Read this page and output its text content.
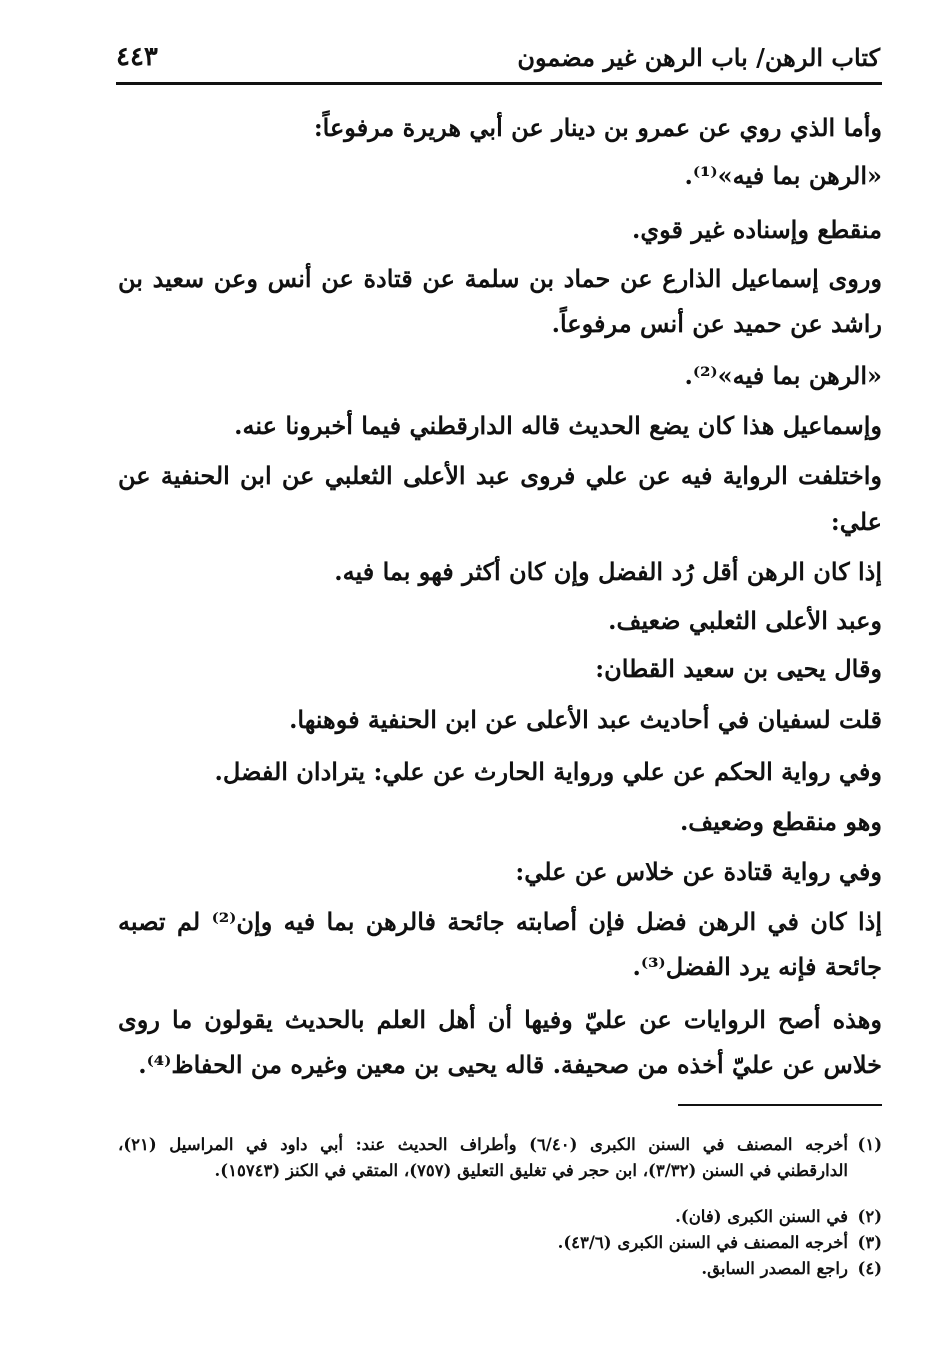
كتاب الرهن/ باب الرهن غير مضمون
٤٤٣
وأما الذي روي عن عمرو بن دينار عن أبي هريرة مرفوعاً:
«الرهن بما فيه»⁽¹⁾.
منقطع وإسناده غير قوي.
وروى إسماعيل الذارع عن حماد بن سلمة عن قتادة عن أنس وعن سعيد بن
راشد عن حميد عن أنس مرفوعاً.
«الرهن بما فيه»⁽²⁾.
وإسماعيل هذا كان يضع الحديث قاله الدارقطني فيما أخبرونا عنه.
واختلفت الرواية فيه عن علي فروى عبد الأعلى الثعلبي عن ابن الحنفية عن
علي:
إذا كان الرهن أقل رُد الفضل وإن كان أكثر فهو بما فيه.
وعبد الأعلى الثعلبي ضعيف.
وقال يحيى بن سعيد القطان:
قلت لسفيان في أحاديث عبد الأعلى عن ابن الحنفية فوهنها.
وفي رواية الحكم عن علي ورواية الحارث عن علي: يترادان الفضل.
وهو منقطع وضعيف.
وفي رواية قتادة عن خلاس عن علي:
إذا كان في الرهن فضل فإن أصابته جائحة فالرهن بما فيه وإن⁽²⁾ لم تصبه
جائحة فإنه يرد الفضل⁽³⁾.
وهذه أصح الروايات عن عليّ وفيها أن أهل العلم بالحديث يقولون ما روى
خلاس عن عليّ أخذه من صحيفة. قاله يحيى بن معين وغيره من الحفاظ⁽⁴⁾.
(١)
أخرجه المصنف في السنن الكبرى (٦/٤٠) وأطراف الحديث عند: أبي داود في المراسيل (٢١)،
الدارقطني في السنن (٣/٣٢)، ابن حجر في تغليق التعليق (٧٥٧)، المتقي في الكنز (١٥٧٤٣).
(٢)
في السنن الكبرى (فان).
(٣)
أخرجه المصنف في السنن الكبرى (٤٣/٦).
(٤)
راجع المصدر السابق.
